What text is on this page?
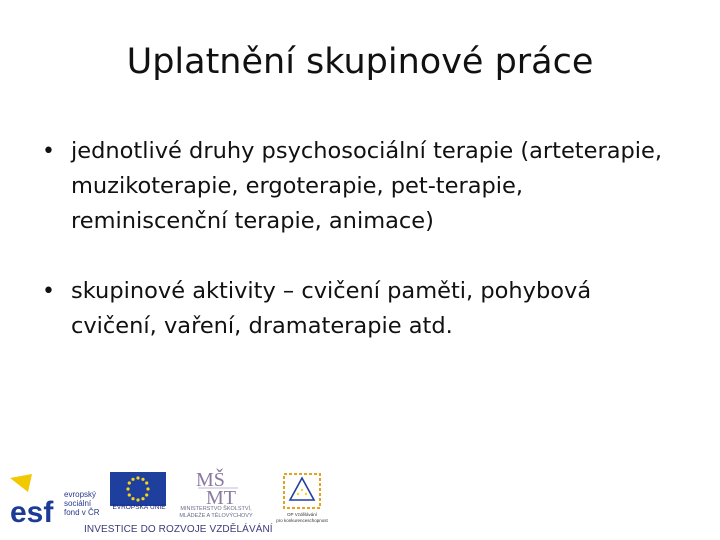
Uplatnění skupinové práce
• jednotlivé druhy psychosociální terapie (arteterapie, muzikoterapie, ergoterapie, pet-terapie, reminiscenční terapie, animace)
• skupinové aktivity – cvičení paměti, pohybová cvičení, vaření, dramaterapie atd.
esf
evropský
sociální
fond v ČR
EVROPSKÁ UNIE
MŠ
MT
MINISTERSTVO ŠKOLSTVÍ,
MLÁDEŽE A TĚLOVÝCHOVY	OP Vzdělávání
pro konkurenceschopnost
INVESTICE DO ROZVOJE VZDĚLÁVÁNÍ
